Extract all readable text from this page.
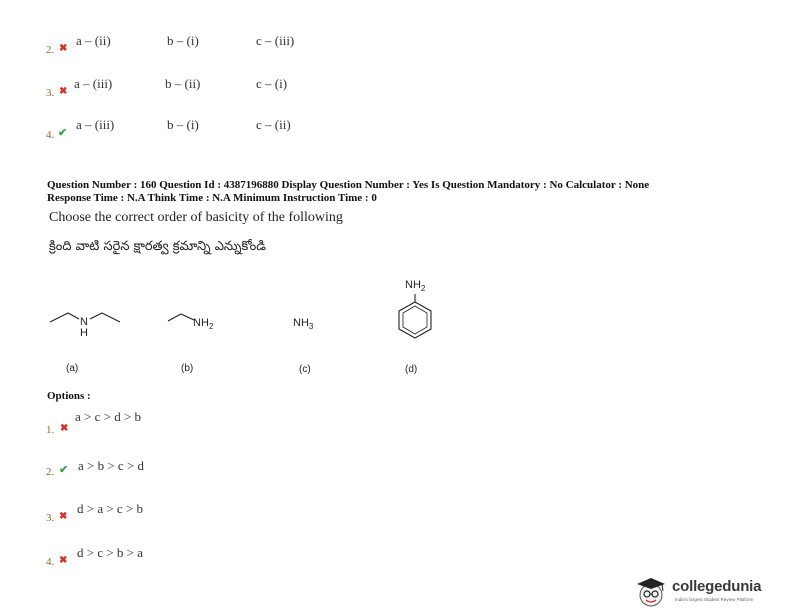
2. ✖
a – (ii)	b – (i)	c – (iii)
3. ✖
a – (iii)	b – (ii)	c – (i)
4. ✔
a – (iii)	b – (i)	c – (ii)
Question Number : 160 Question Id : 4387196880 Display Question Number : Yes Is Question Mandatory : No Calculator : None
Response Time : N.A Think Time : N.A Minimum Instruction Time : 0
Choose the correct order of basicity of the following
క్రింది వాటి సరైన క్షారత్వ క్రమాన్ని ఎన్నుకోండి
N
H
(a)
$NH_2$
(b)
$NH_3$
(c)
$NH_2$
(d)
Options :
1. ✖
a > c > d > b
2. ✔ a > b > c > d
3. ✖
d > a > c > b
4. ✖
d > c > b > a
collegedunia
India's largest Student Review Platform
